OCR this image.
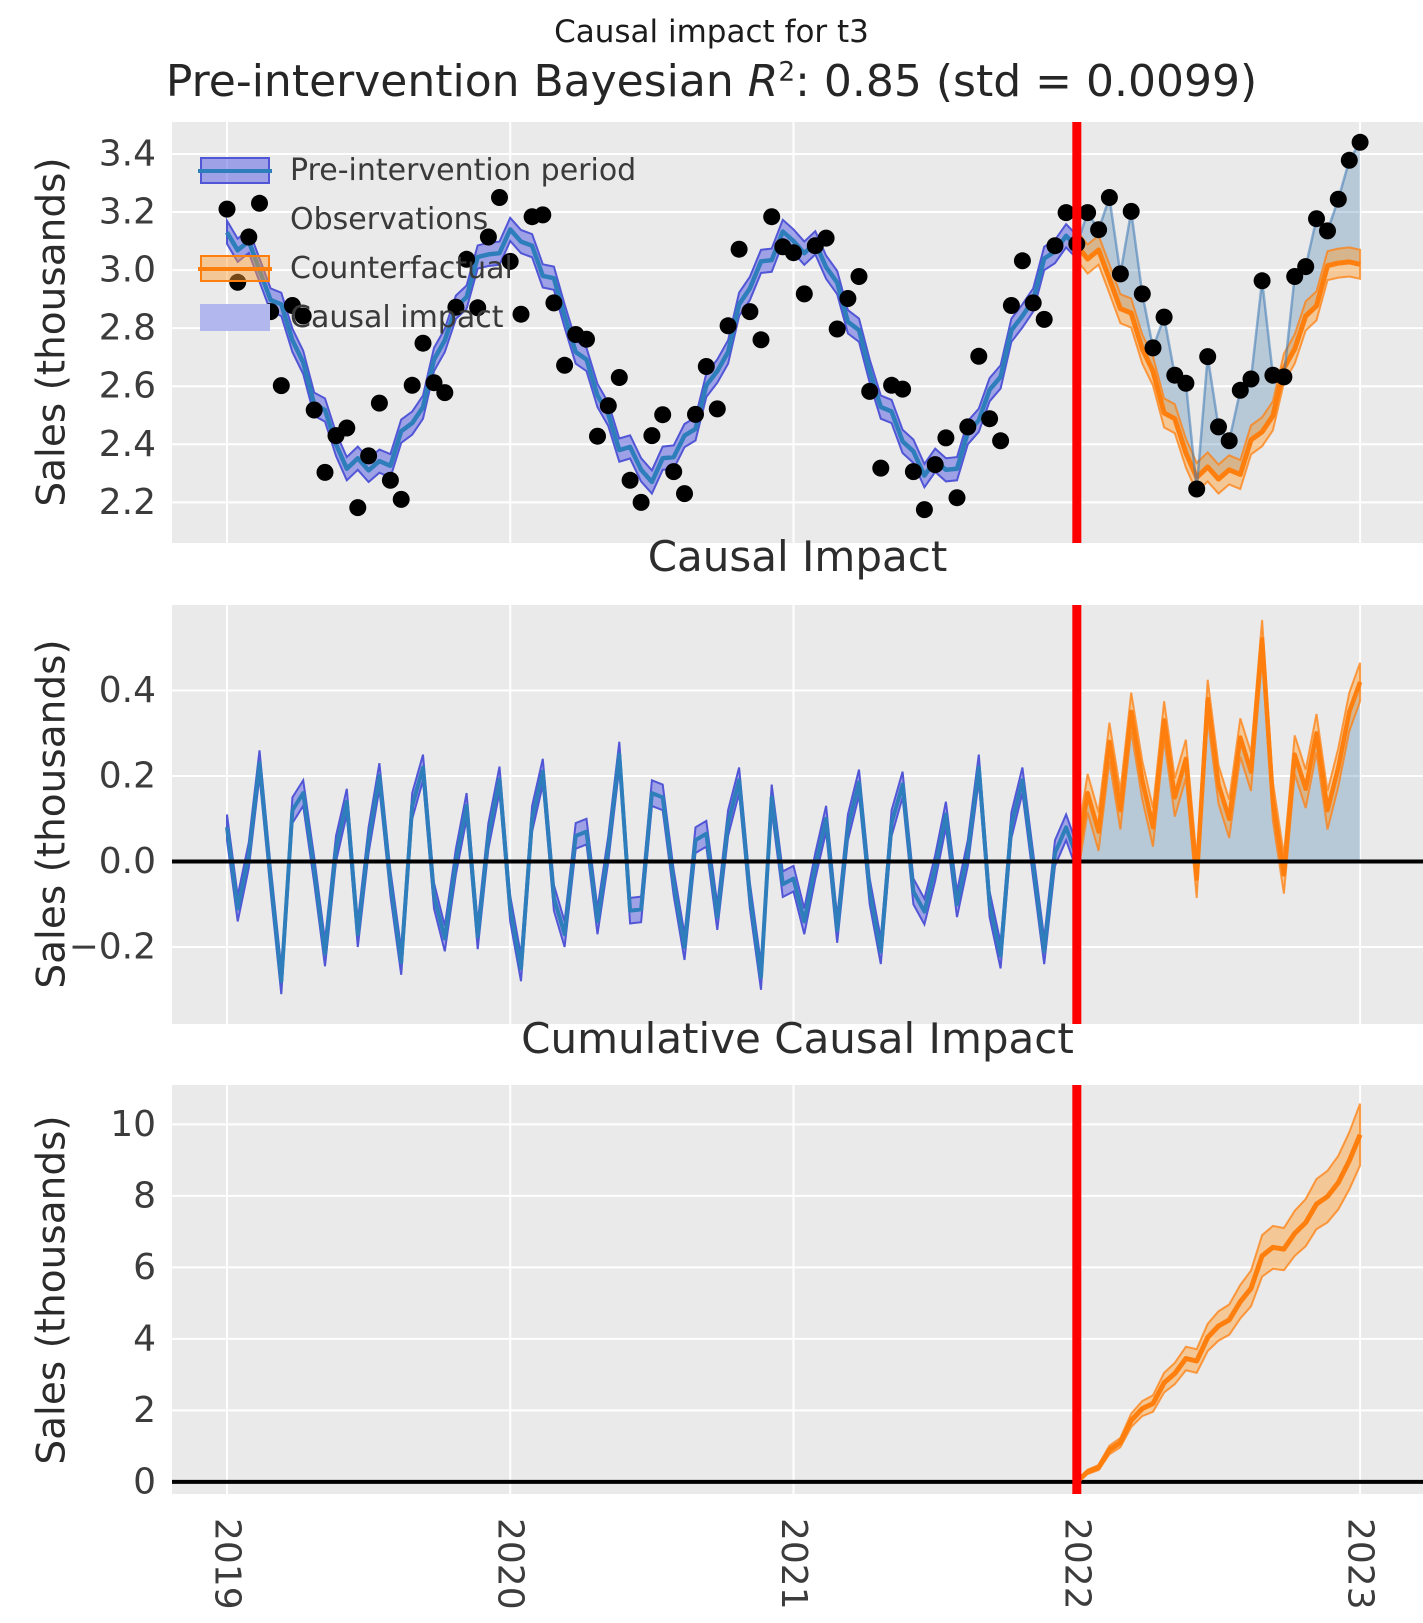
3.4
3.2
3.0
2.8
2.6
2.4
2.2
0.4
0.2
0.0
−0.2
10
8
6
4
2
0
2019	2020	2021	2022	2023
Causal impact for t3
Pre-intervention Bayesian $R^2$: 0.85 (std = 0.0099)
Causal Impact
Cumulative Causal Impact
Sales (thousands)
Sales (thousands)
Sales (thousands)
Pre-intervention period
Observations
Counterfactual
Causal impact
